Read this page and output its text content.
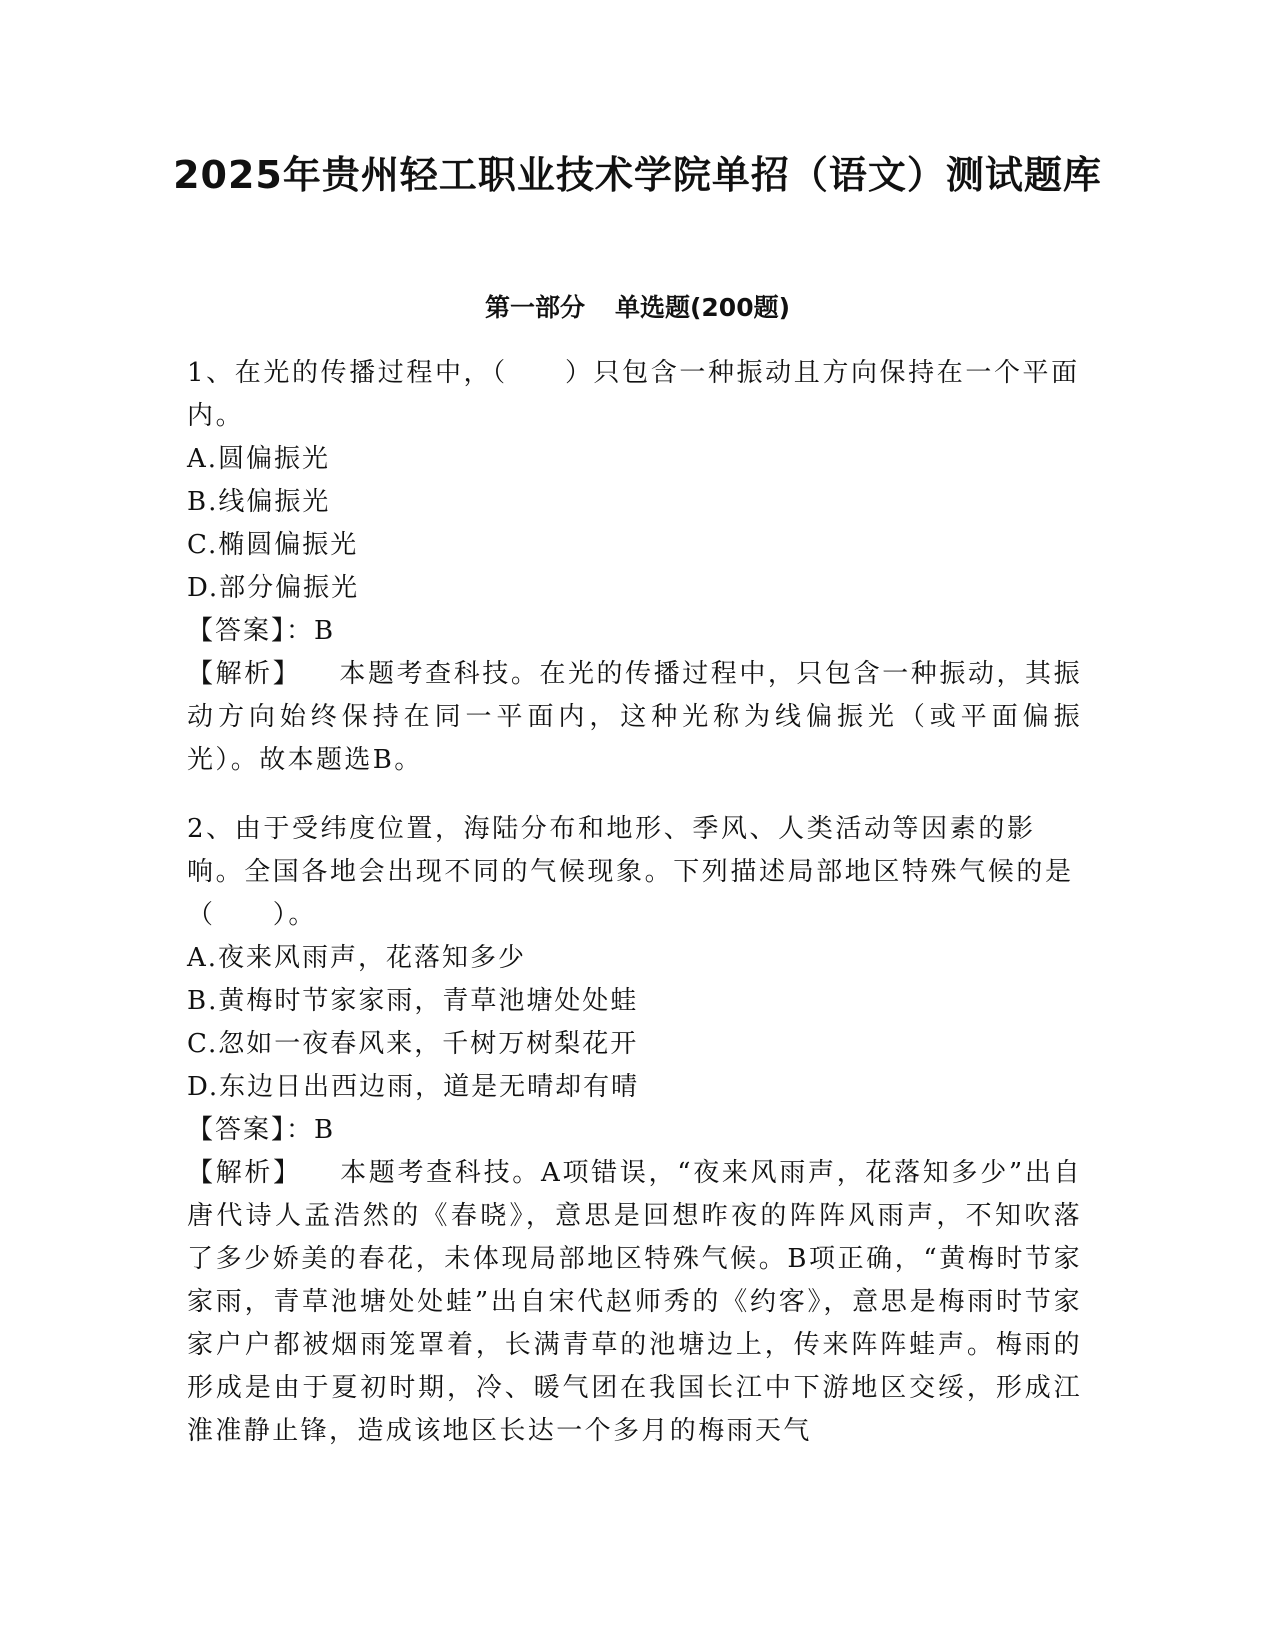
2025年贵州轻工职业技术学院单招（语文）测试题库
第一部分 单选题(200题)

1、在光的传播过程中，（　　）只包含一种振动且方向保持在一个平面内。

A.圆偏振光

B.线偏振光

C.椭圆偏振光

D.部分偏振光

【答案】：B

【解析】 本题考查科技。在光的传播过程中，只包含一种振动，其振动方向始终保持在同一平面内，这种光称为线偏振光（或平面偏振光）。故本题选B。

2、由于受纬度位置，海陆分布和地形、季风、人类活动等因素的影响。全国各地会出现不同的气候现象。下列描述局部地区特殊气候的是（　　）。

A.夜来风雨声，花落知多少

B.黄梅时节家家雨，青草池塘处处蛙

C.忽如一夜春风来，千树万树梨花开

D.东边日出西边雨，道是无晴却有晴

【答案】：B

【解析】 本题考查科技。A项错误，“夜来风雨声，花落知多少”出自唐代诗人孟浩然的《春晓》，意思是回想昨夜的阵阵风雨声，不知吹落了多少娇美的春花，未体现局部地区特殊气候。B项正确，“黄梅时节家家雨，青草池塘处处蛙”出自宋代赵师秀的《约客》，意思是梅雨时节家家户户都被烟雨笼罩着，长满青草的池塘边上，传来阵阵蛙声。梅雨的形成是由于夏初时期，冷、暖气团在我国长江中下游地区交绥，形成江淮准静止锋，造成该地区长达一个多月的梅雨天气
